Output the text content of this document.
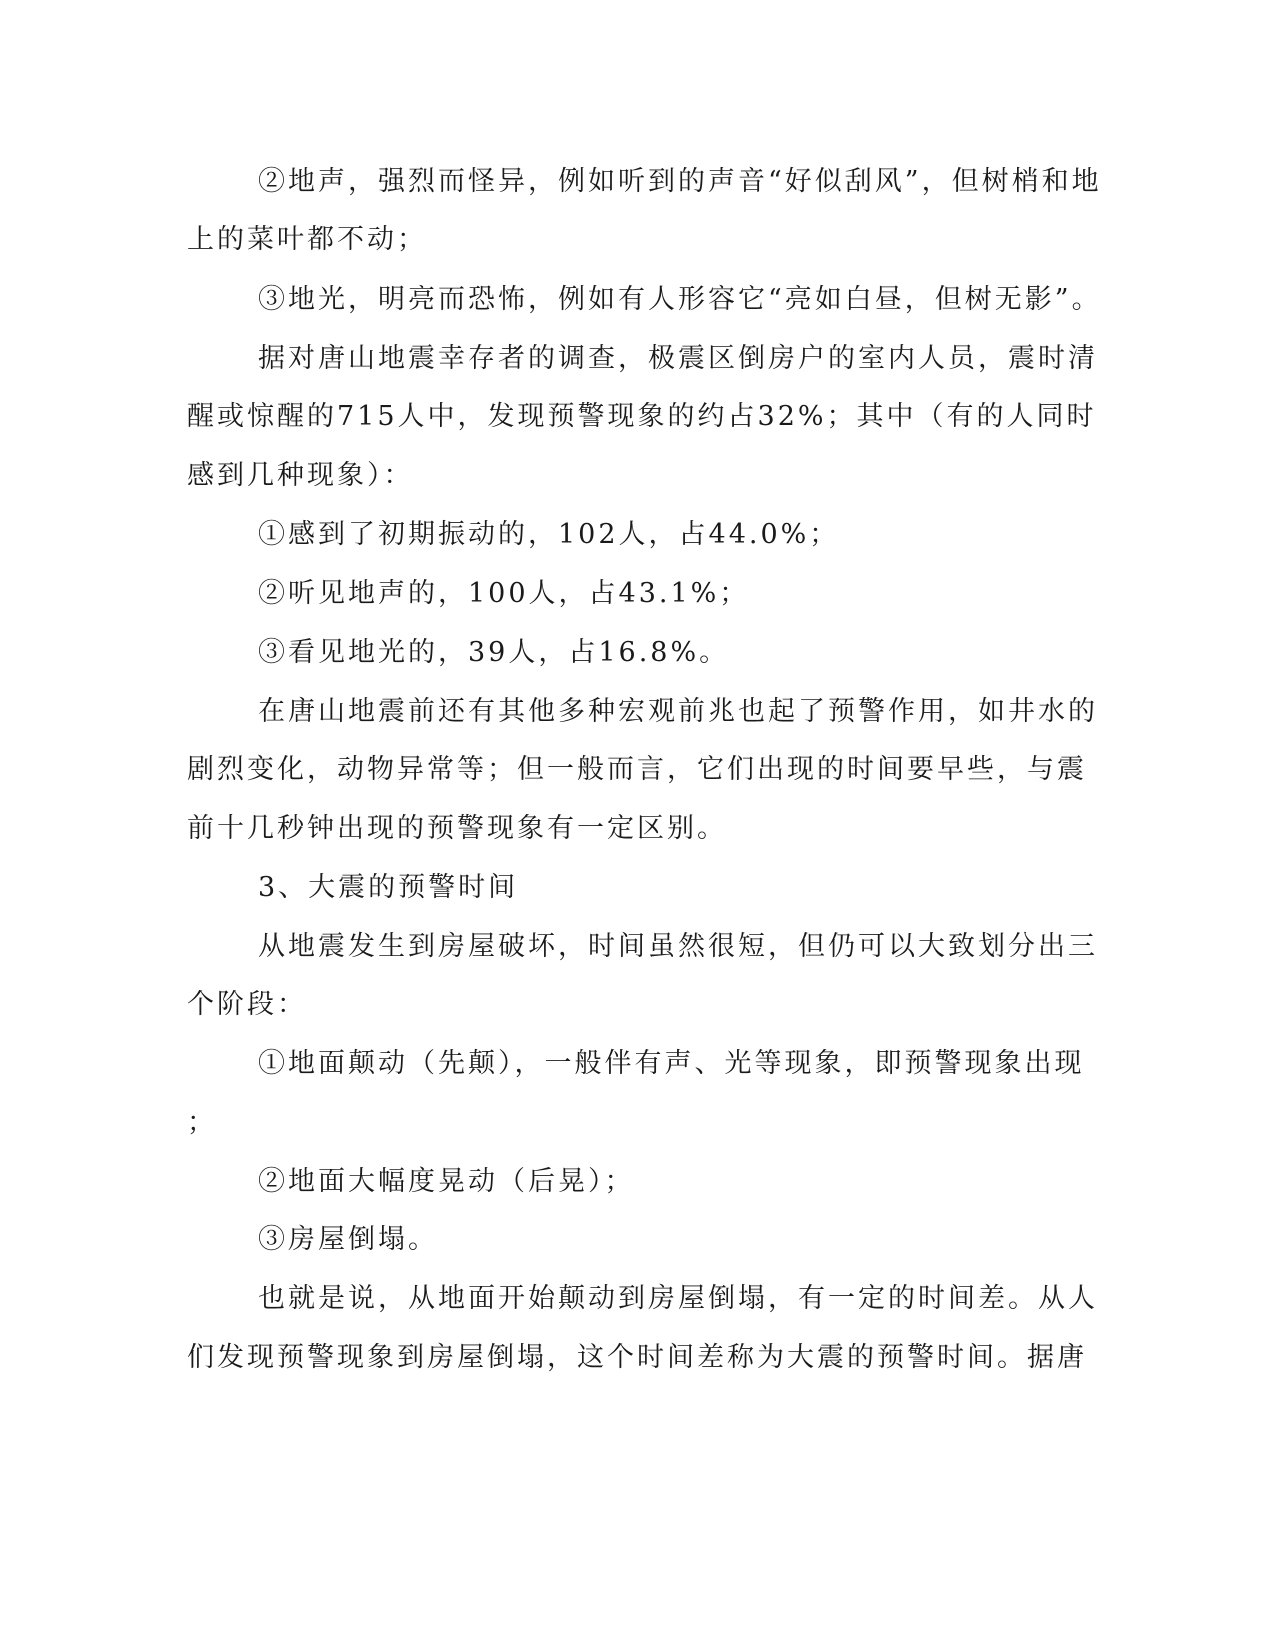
②地声，强烈而怪异，例如听到的声音“好似刮风”，但树梢和地
上的菜叶都不动；
③地光，明亮而恐怖，例如有人形容它“亮如白昼，但树无影”。
据对唐山地震幸存者的调查，极震区倒房户的室内人员，震时清
醒或惊醒的715人中，发现预警现象的约占32%；其中（有的人同时
感到几种现象）：
①感到了初期振动的，102人，占44.0%；
②听见地声的，100人，占43.1%；
③看见地光的，39人，占16.8%。
在唐山地震前还有其他多种宏观前兆也起了预警作用，如井水的
剧烈变化，动物异常等；但一般而言，它们出现的时间要早些，与震
前十几秒钟出现的预警现象有一定区别。
3、大震的预警时间
从地震发生到房屋破坏，时间虽然很短，但仍可以大致划分出三
个阶段：
①地面颠动（先颠），一般伴有声、光等现象，即预警现象出现
；
②地面大幅度晃动（后晃）；
③房屋倒塌。
也就是说，从地面开始颠动到房屋倒塌，有一定的时间差。从人
们发现预警现象到房屋倒塌，这个时间差称为大震的预警时间。据唐
